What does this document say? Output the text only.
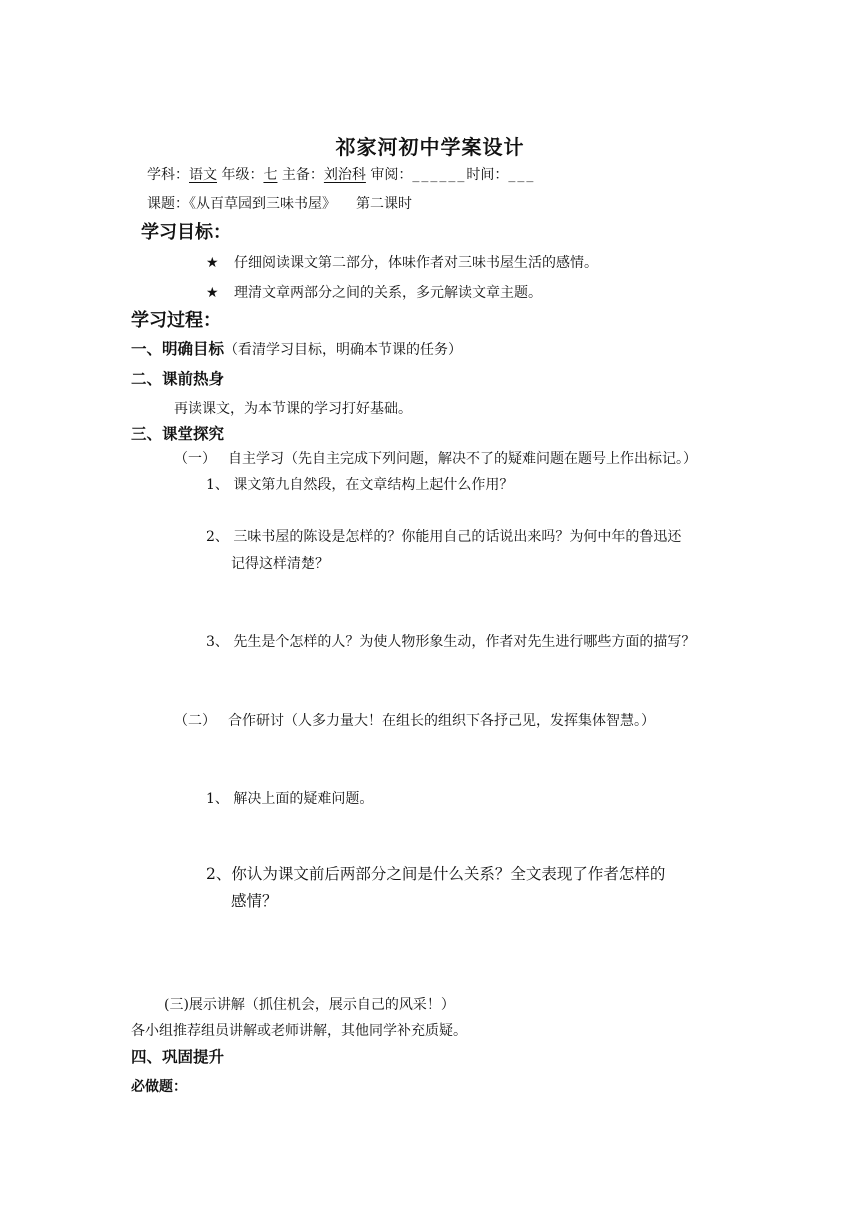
祁家河初中学案设计
学科：语文 年级：七 主备：刘治科 审阅：______时间：___
课题：《从百草园到三味书屋》 第二课时
学习目标：
★ 仔细阅读课文第二部分，体味作者对三味书屋生活的感情。
★ 理清文章两部分之间的关系，多元解读文章主题。
学习过程：
一、明确目标（看清学习目标，明确本节课的任务）
二、课前热身
再读课文，为本节课的学习打好基础。
三、课堂探究
（一） 自主学习（先自主完成下列问题，解决不了的疑难问题在题号上作出标记。）
1、 课文第九自然段，在文章结构上起什么作用？
2、 三味书屋的陈设是怎样的？你能用自己的话说出来吗？为何中年的鲁迅还
记得这样清楚？
3、 先生是个怎样的人？为使人物形象生动，作者对先生进行哪些方面的描写？
（二） 合作研讨（人多力量大！在组长的组织下各抒己见，发挥集体智慧。）
1、 解决上面的疑难问题。
2、你认为课文前后两部分之间是什么关系？全文表现了作者怎样的
感情？
(三)展示讲解（抓住机会，展示自己的风采！）
各小组推荐组员讲解或老师讲解，其他同学补充质疑。
四、巩固提升
必做题：
